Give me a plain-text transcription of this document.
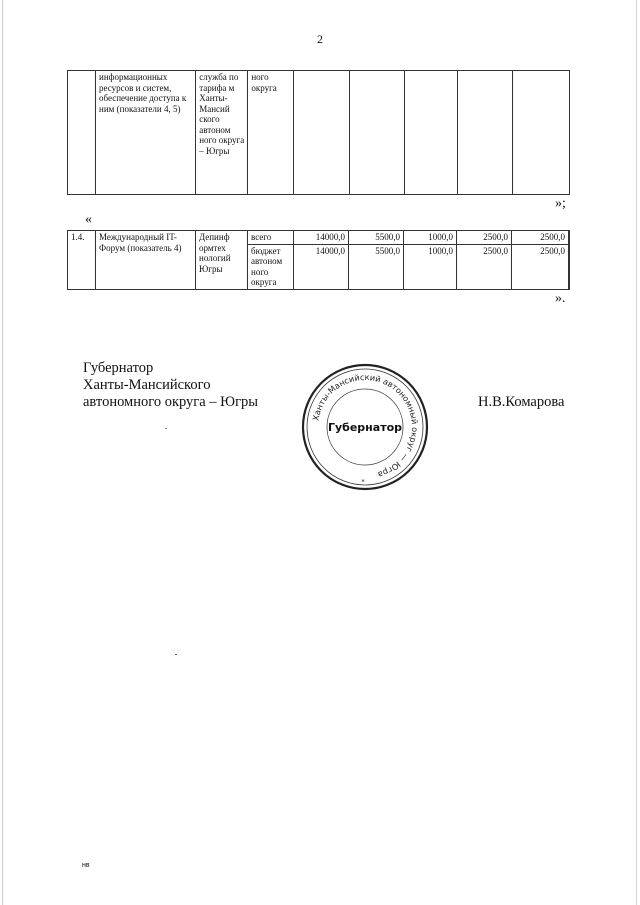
2
	информационных ресурсов и систем, обеспечение доступа к ним (показатели 4, 5)	служба по тарифа м Ханты-Мансий ского автоном ного округа – Югры	ного округа					
»;
«
1.4.	Международный IT-Форум (показатель 4)	Депинф ормтех нологий Югры	всего	14000,0	5500,0	1000,0	2500,0	2500,0	
			бюджет автоном ного округа	14000,0	5500,0	1000,0	2500,0	2500,0	
».
Губернатор
Ханты-Мансийского
автономного округа – Югры	Н.В.Комарова
Ханты-Мансийский автономный округ — Югра
Губернатор
*
нв
